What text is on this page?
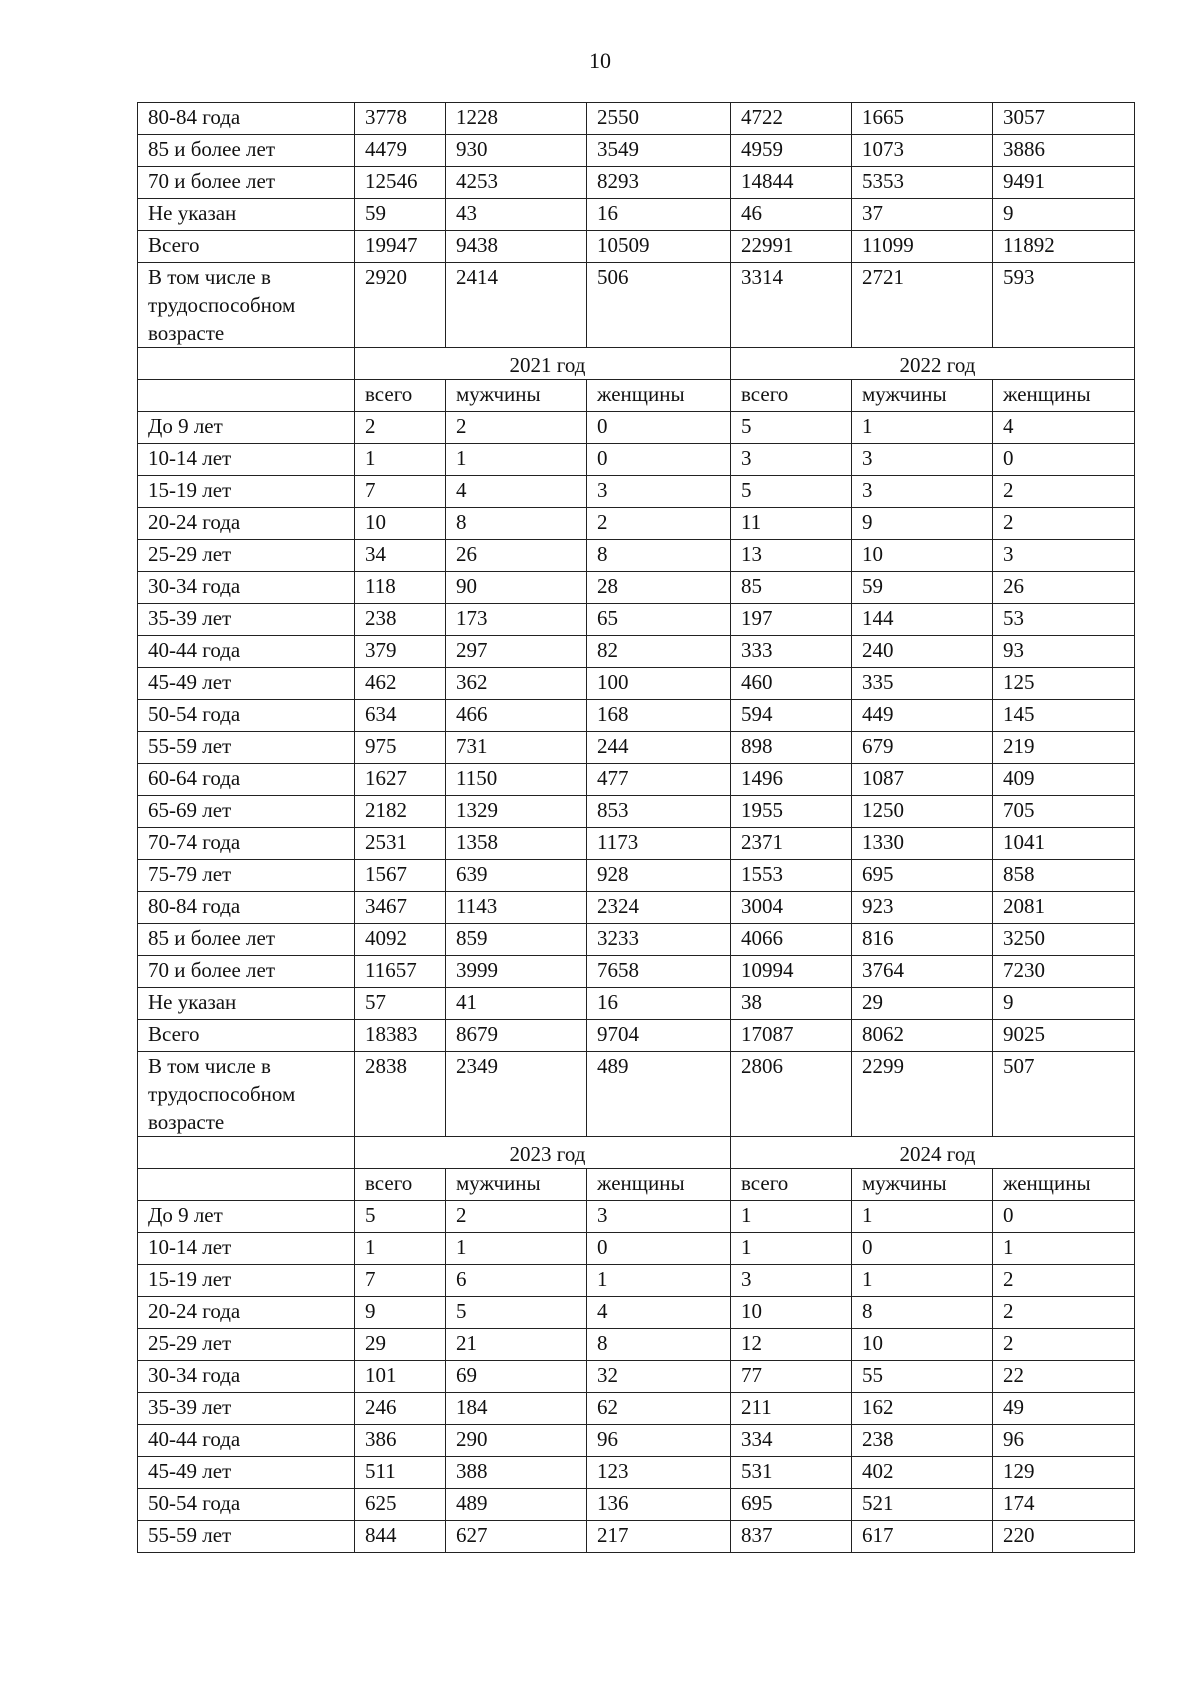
10
80-84 года	3778	1228	2550	4722	1665	3057
85 и более лет	4479	930	3549	4959	1073	3886
70 и более лет	12546	4253	8293	14844	5353	9491
Не указан	59	43	16	46	37	9
Всего	19947	9438	10509	22991	11099	11892
В том числе в трудоспособном возрасте	2920	2414	506	3314	2721	593
	2021 год			2022 год		
	всего	мужчины	женщины	всего	мужчины	женщины
До 9 лет	2	2	0	5	1	4
10-14 лет	1	1	0	3	3	0
15-19 лет	7	4	3	5	3	2
20-24 года	10	8	2	11	9	2
25-29 лет	34	26	8	13	10	3
30-34 года	118	90	28	85	59	26
35-39 лет	238	173	65	197	144	53
40-44 года	379	297	82	333	240	93
45-49 лет	462	362	100	460	335	125
50-54 года	634	466	168	594	449	145
55-59 лет	975	731	244	898	679	219
60-64 года	1627	1150	477	1496	1087	409
65-69 лет	2182	1329	853	1955	1250	705
70-74 года	2531	1358	1173	2371	1330	1041
75-79 лет	1567	639	928	1553	695	858
80-84 года	3467	1143	2324	3004	923	2081
85 и более лет	4092	859	3233	4066	816	3250
70 и более лет	11657	3999	7658	10994	3764	7230
Не указан	57	41	16	38	29	9
Всего	18383	8679	9704	17087	8062	9025
В том числе в трудоспособном возрасте	2838	2349	489	2806	2299	507
	2023 год			2024 год		
	всего	мужчины	женщины	всего	мужчины	женщины
До 9 лет	5	2	3	1	1	0
10-14 лет	1	1	0	1	0	1
15-19 лет	7	6	1	3	1	2
20-24 года	9	5	4	10	8	2
25-29 лет	29	21	8	12	10	2
30-34 года	101	69	32	77	55	22
35-39 лет	246	184	62	211	162	49
40-44 года	386	290	96	334	238	96
45-49 лет	511	388	123	531	402	129
50-54 года	625	489	136	695	521	174
55-59 лет	844	627	217	837	617	220
